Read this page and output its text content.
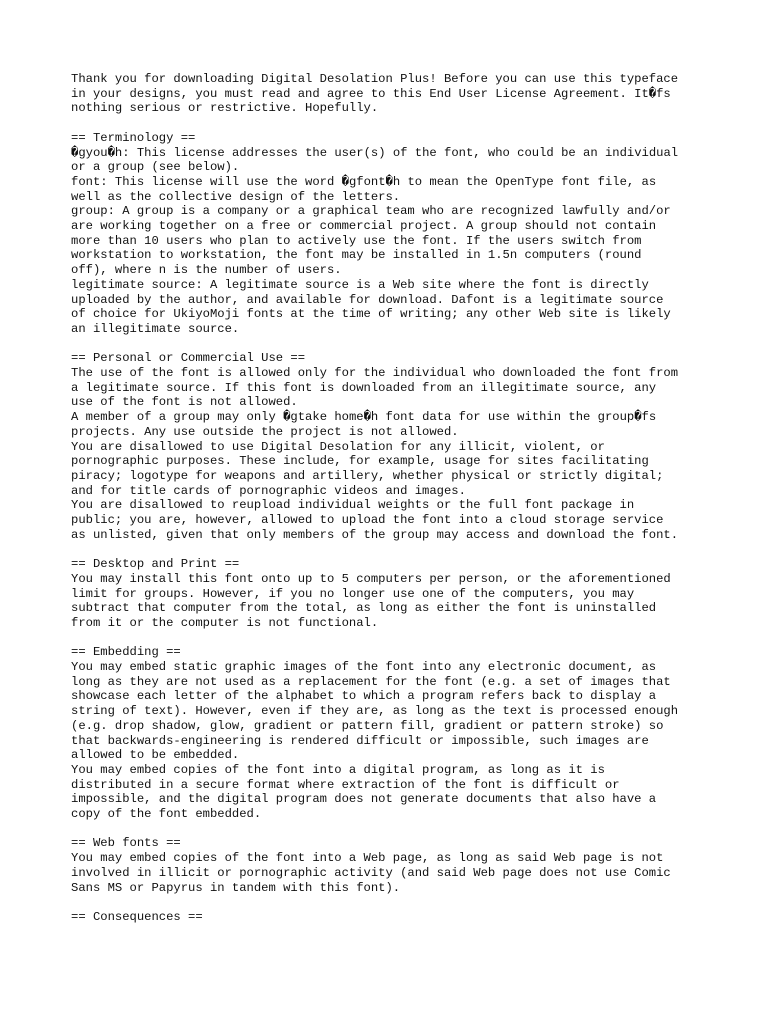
Thank you for downloading Digital Desolation Plus! Before you can use this typeface
in your designs, you must read and agree to this End User License Agreement. It�fs
nothing serious or restrictive. Hopefully.
== Terminology ==
�gyou�h: This license addresses the user(s) of the font, who could be an individual
or a group (see below).
font: This license will use the word �gfont�h to mean the OpenType font file, as
well as the collective design of the letters.
group: A group is a company or a graphical team who are recognized lawfully and/or
are working together on a free or commercial project. A group should not contain
more than 10 users who plan to actively use the font. If the users switch from
workstation to workstation, the font may be installed in 1.5n computers (round
off), where n is the number of users.
legitimate source: A legitimate source is a Web site where the font is directly
uploaded by the author, and available for download. Dafont is a legitimate source
of choice for UkiyoMoji fonts at the time of writing; any other Web site is likely
an illegitimate source.
== Personal or Commercial Use ==
The use of the font is allowed only for the individual who downloaded the font from
a legitimate source. If this font is downloaded from an illegitimate source, any
use of the font is not allowed.
A member of a group may only �gtake home�h font data for use within the group�fs
projects. Any use outside the project is not allowed.
You are disallowed to use Digital Desolation for any illicit, violent, or
pornographic purposes. These include, for example, usage for sites facilitating
piracy; logotype for weapons and artillery, whether physical or strictly digital;
and for title cards of pornographic videos and images.
You are disallowed to reupload individual weights or the full font package in
public; you are, however, allowed to upload the font into a cloud storage service
as unlisted, given that only members of the group may access and download the font.
== Desktop and Print ==
You may install this font onto up to 5 computers per person, or the aforementioned
limit for groups. However, if you no longer use one of the computers, you may
subtract that computer from the total, as long as either the font is uninstalled
from it or the computer is not functional.
== Embedding ==
You may embed static graphic images of the font into any electronic document, as
long as they are not used as a replacement for the font (e.g. a set of images that
showcase each letter of the alphabet to which a program refers back to display a
string of text). However, even if they are, as long as the text is processed enough
(e.g. drop shadow, glow, gradient or pattern fill, gradient or pattern stroke) so
that backwards-engineering is rendered difficult or impossible, such images are
allowed to be embedded.
You may embed copies of the font into a digital program, as long as it is
distributed in a secure format where extraction of the font is difficult or
impossible, and the digital program does not generate documents that also have a
copy of the font embedded.
== Web fonts ==
You may embed copies of the font into a Web page, as long as said Web page is not
involved in illicit or pornographic activity (and said Web page does not use Comic
Sans MS or Papyrus in tandem with this font).
== Consequences ==
